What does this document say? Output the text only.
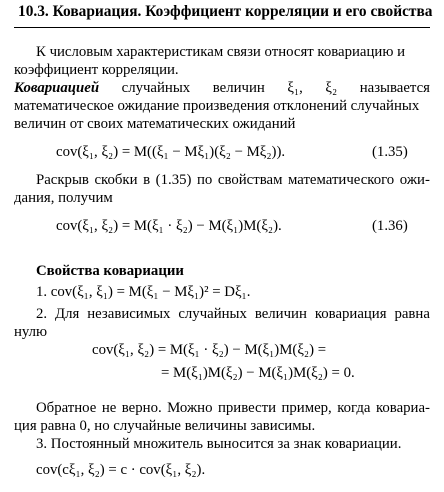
10.3. Ковариация. Коэффициент корреляции и его свойства
К числовым характеристикам связи относят ковариацию и
коэффициент корреляции.
Ковариацией случайных величин ξ₁, ξ₂ называется
математическое ожидание произведения отклонений случайных
величин от своих математических ожиданий
cov(ξ₁, ξ₂) = M((ξ₁ − Mξ₁)(ξ₂ − Mξ₂)).	(1.35)
Раскрыв скобки в (1.35) по свойствам математического ожи-
дания, получим
cov(ξ₁, ξ₂) = M(ξ₁ · ξ₂) − M(ξ₁)M(ξ₂).	(1.36)
Свойства ковариации
1. cov(ξ₁, ξ₁) = M(ξ₁ − Mξ₁)² = Dξ₁.
2. Для независимых случайных величин ковариация равна
нулю
cov(ξ₁, ξ₂) = M(ξ₁ · ξ₂) − M(ξ₁)M(ξ₂) =
= M(ξ₁)M(ξ₂) − M(ξ₁)M(ξ₂) = 0.
Обратное не верно. Можно привести пример, когда ковариа-
ция равна 0, но случайные величины зависимы.
3. Постоянный множитель выносится за знак ковариации.
cov(cξ₁, ξ₂) = c · cov(ξ₁, ξ₂).
